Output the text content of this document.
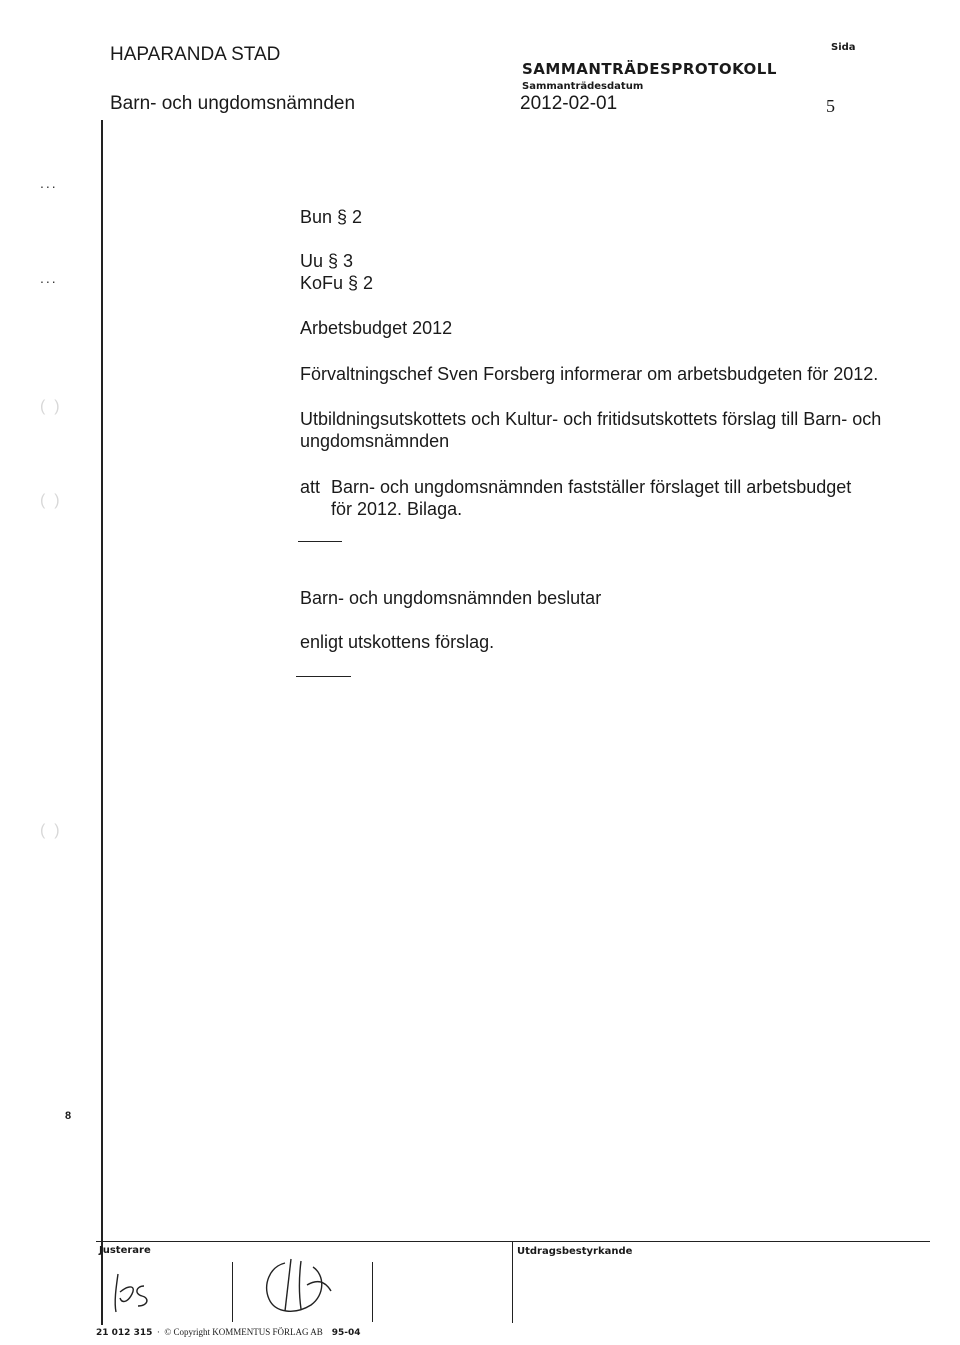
HAPARANDA STAD
Barn- och ungdomsnämnden
SAMMANTRÄDESPROTOKOLL
Sammanträdesdatum
2012-02-01
Sida
5
...
...
(  )
(  )
(  )
8
Bun § 2
Uu § 3
KoFu § 2
Arbetsbudget 2012
Förvaltningschef Sven Forsberg informerar om arbetsbudgeten för 2012.
Utbildningsutskottets och Kultur- och fritidsutskottets förslag till Barn- och
ungdomsnämnden
att Barn- och ungdomsnämnden fastställer förslaget till arbetsbudget
för 2012. Bilaga.
Barn- och ungdomsnämnden beslutar
enligt utskottens förslag.
Justerare	Utdragsbestyrkande
21 012 315  ·  © Copyright KOMMENTUS FÖRLAG AB 95-04
